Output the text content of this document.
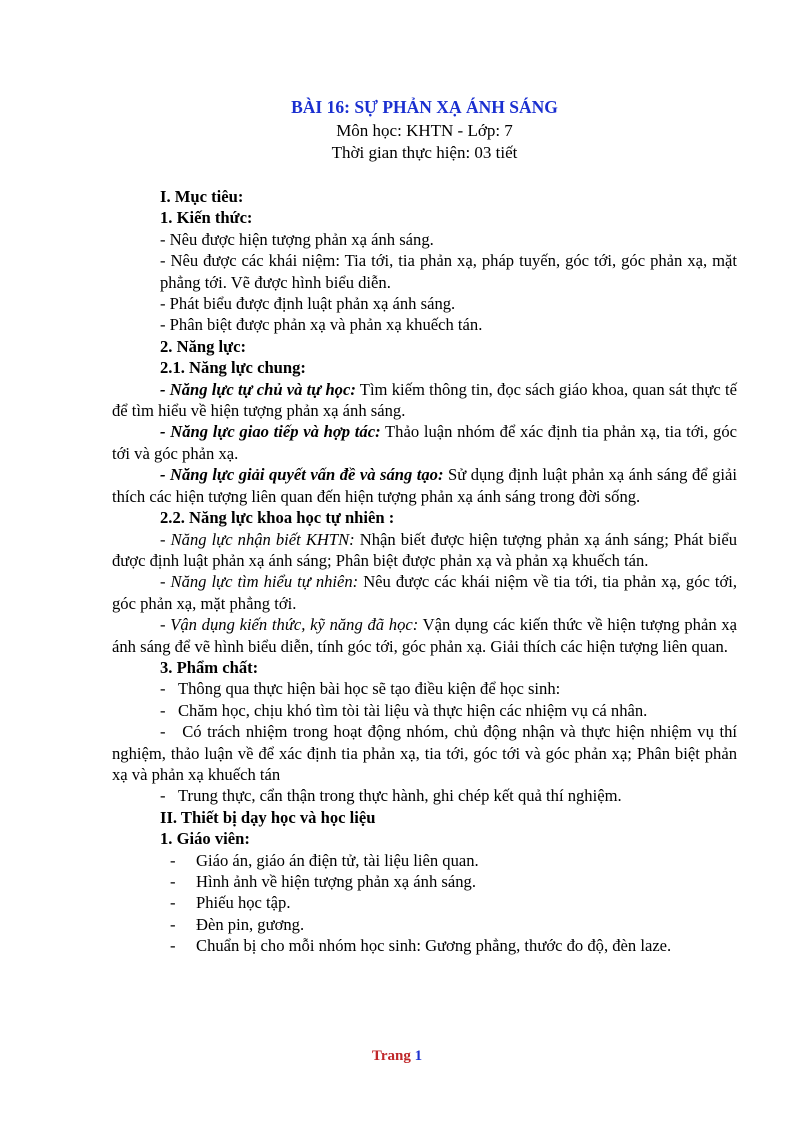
BÀI 16: SỰ PHẢN XẠ ÁNH SÁNG
Môn học: KHTN - Lớp: 7
Thời gian thực hiện: 03 tiết

I. Mục tiêu:

1. Kiến thức:

- Nêu được hiện tượng phản xạ ánh sáng.

- Nêu được các khái niệm: Tia tới, tia phản xạ, pháp tuyến, góc tới, góc phản xạ, mặt phẳng tới. Vẽ được hình biểu diễn.

- Phát biểu được định luật phản xạ ánh sáng.

- Phân biệt được phản xạ và phản xạ khuếch tán.

2. Năng lực:

2.1. Năng lực chung:

- Năng lực tự chủ và tự học: Tìm kiếm thông tin, đọc sách giáo khoa, quan sát thực tế để tìm hiểu về hiện tượng phản xạ ánh sáng.

- Năng lực giao tiếp và hợp tác: Thảo luận nhóm để xác định tia phản xạ, tia tới, góc tới và góc phản xạ.

- Năng lực giải quyết vấn đề và sáng tạo: Sử dụng định luật phản xạ ánh sáng để giải thích các hiện tượng liên quan đến hiện tượng phản xạ ánh sáng trong đời sống.

2.2. Năng lực khoa học tự nhiên :

- Năng lực nhận biết KHTN: Nhận biết được hiện tượng phản xạ ánh sáng; Phát biểu được định luật phản xạ ánh sáng; Phân biệt được phản xạ và phản xạ khuếch tán.

- Năng lực tìm hiểu tự nhiên: Nêu được các khái niệm về tia tới, tia phản xạ, góc tới, góc phản xạ, mặt phẳng tới.

- Vận dụng kiến thức, kỹ năng đã học: Vận dụng các kiến thức về hiện tượng phản xạ ánh sáng để vẽ hình biểu diễn, tính góc tới, góc phản xạ. Giải thích các hiện tượng liên quan.

3. Phẩm chất:

-   Thông qua thực hiện bài học sẽ tạo điều kiện để học sinh:

-   Chăm học, chịu khó tìm tòi tài liệu và thực hiện các nhiệm vụ cá nhân.

-   Có trách nhiệm trong hoạt động nhóm, chủ động nhận và thực hiện nhiệm vụ thí nghiệm, thảo luận về để xác định tia phản xạ, tia tới, góc tới và góc phản xạ; Phân biệt phản xạ và phản xạ khuếch tán

-   Trung thực, cẩn thận trong thực hành, ghi chép kết quả thí nghiệm.

II. Thiết bị dạy học và học liệu

1. Giáo viên:

-	Giáo án, giáo án điện tử, tài liệu liên quan.
-	Hình ảnh về hiện tượng phản xạ ánh sáng.
-	Phiếu học tập.
-	Đèn pin, gương.
-	Chuẩn bị cho mỗi nhóm học sinh: Gương phẳng, thước đo độ, đèn laze.
Trang 1
